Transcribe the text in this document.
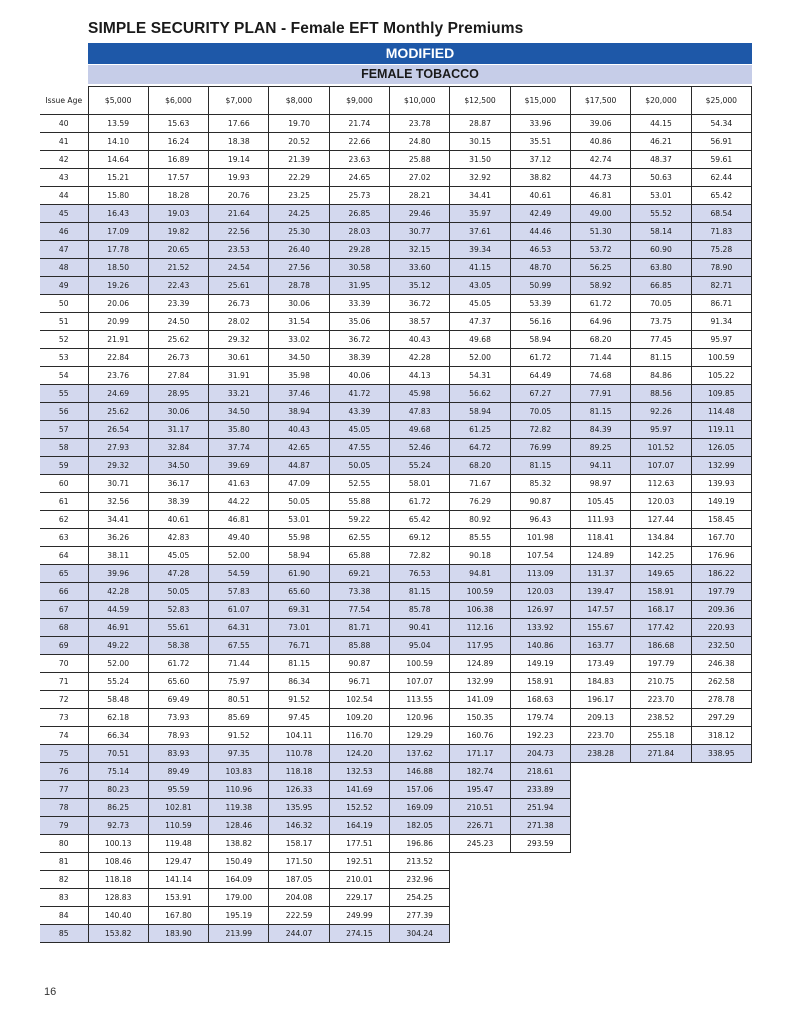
SIMPLE SECURITY PLAN - Female EFT Monthly Premiums
MODIFIED
FEMALE TOBACCO
Issue Age	$5,000	$6,000	$7,000	$8,000	$9,000	$10,000	$12,500	$15,000	$17,500	$20,000	$25,000
40	13.59	15.63	17.66	19.70	21.74	23.78	28.87	33.96	39.06	44.15	54.34
41	14.10	16.24	18.38	20.52	22.66	24.80	30.15	35.51	40.86	46.21	56.91
42	14.64	16.89	19.14	21.39	23.63	25.88	31.50	37.12	42.74	48.37	59.61
43	15.21	17.57	19.93	22.29	24.65	27.02	32.92	38.82	44.73	50.63	62.44
44	15.80	18.28	20.76	23.25	25.73	28.21	34.41	40.61	46.81	53.01	65.42
45	16.43	19.03	21.64	24.25	26.85	29.46	35.97	42.49	49.00	55.52	68.54
46	17.09	19.82	22.56	25.30	28.03	30.77	37.61	44.46	51.30	58.14	71.83
47	17.78	20.65	23.53	26.40	29.28	32.15	39.34	46.53	53.72	60.90	75.28
48	18.50	21.52	24.54	27.56	30.58	33.60	41.15	48.70	56.25	63.80	78.90
49	19.26	22.43	25.61	28.78	31.95	35.12	43.05	50.99	58.92	66.85	82.71
50	20.06	23.39	26.73	30.06	33.39	36.72	45.05	53.39	61.72	70.05	86.71
51	20.99	24.50	28.02	31.54	35.06	38.57	47.37	56.16	64.96	73.75	91.34
52	21.91	25.62	29.32	33.02	36.72	40.43	49.68	58.94	68.20	77.45	95.97
53	22.84	26.73	30.61	34.50	38.39	42.28	52.00	61.72	71.44	81.15	100.59
54	23.76	27.84	31.91	35.98	40.06	44.13	54.31	64.49	74.68	84.86	105.22
55	24.69	28.95	33.21	37.46	41.72	45.98	56.62	67.27	77.91	88.56	109.85
56	25.62	30.06	34.50	38.94	43.39	47.83	58.94	70.05	81.15	92.26	114.48
57	26.54	31.17	35.80	40.43	45.05	49.68	61.25	72.82	84.39	95.97	119.11
58	27.93	32.84	37.74	42.65	47.55	52.46	64.72	76.99	89.25	101.52	126.05
59	29.32	34.50	39.69	44.87	50.05	55.24	68.20	81.15	94.11	107.07	132.99
60	30.71	36.17	41.63	47.09	52.55	58.01	71.67	85.32	98.97	112.63	139.93
61	32.56	38.39	44.22	50.05	55.88	61.72	76.29	90.87	105.45	120.03	149.19
62	34.41	40.61	46.81	53.01	59.22	65.42	80.92	96.43	111.93	127.44	158.45
63	36.26	42.83	49.40	55.98	62.55	69.12	85.55	101.98	118.41	134.84	167.70
64	38.11	45.05	52.00	58.94	65.88	72.82	90.18	107.54	124.89	142.25	176.96
65	39.96	47.28	54.59	61.90	69.21	76.53	94.81	113.09	131.37	149.65	186.22
66	42.28	50.05	57.83	65.60	73.38	81.15	100.59	120.03	139.47	158.91	197.79
67	44.59	52.83	61.07	69.31	77.54	85.78	106.38	126.97	147.57	168.17	209.36
68	46.91	55.61	64.31	73.01	81.71	90.41	112.16	133.92	155.67	177.42	220.93
69	49.22	58.38	67.55	76.71	85.88	95.04	117.95	140.86	163.77	186.68	232.50
70	52.00	61.72	71.44	81.15	90.87	100.59	124.89	149.19	173.49	197.79	246.38
71	55.24	65.60	75.97	86.34	96.71	107.07	132.99	158.91	184.83	210.75	262.58
72	58.48	69.49	80.51	91.52	102.54	113.55	141.09	168.63	196.17	223.70	278.78
73	62.18	73.93	85.69	97.45	109.20	120.96	150.35	179.74	209.13	238.52	297.29
74	66.34	78.93	91.52	104.11	116.70	129.29	160.76	192.23	223.70	255.18	318.12
75	70.51	83.93	97.35	110.78	124.20	137.62	171.17	204.73	238.28	271.84	338.95
76	75.14	89.49	103.83	118.18	132.53	146.88	182.74	218.61			
77	80.23	95.59	110.96	126.33	141.69	157.06	195.47	233.89			
78	86.25	102.81	119.38	135.95	152.52	169.09	210.51	251.94			
79	92.73	110.59	128.46	146.32	164.19	182.05	226.71	271.38			
80	100.13	119.48	138.82	158.17	177.51	196.86	245.23	293.59			
81	108.46	129.47	150.49	171.50	192.51	213.52					
82	118.18	141.14	164.09	187.05	210.01	232.96					
83	128.83	153.91	179.00	204.08	229.17	254.25					
84	140.40	167.80	195.19	222.59	249.99	277.39					
85	153.82	183.90	213.99	244.07	274.15	304.24					
16
